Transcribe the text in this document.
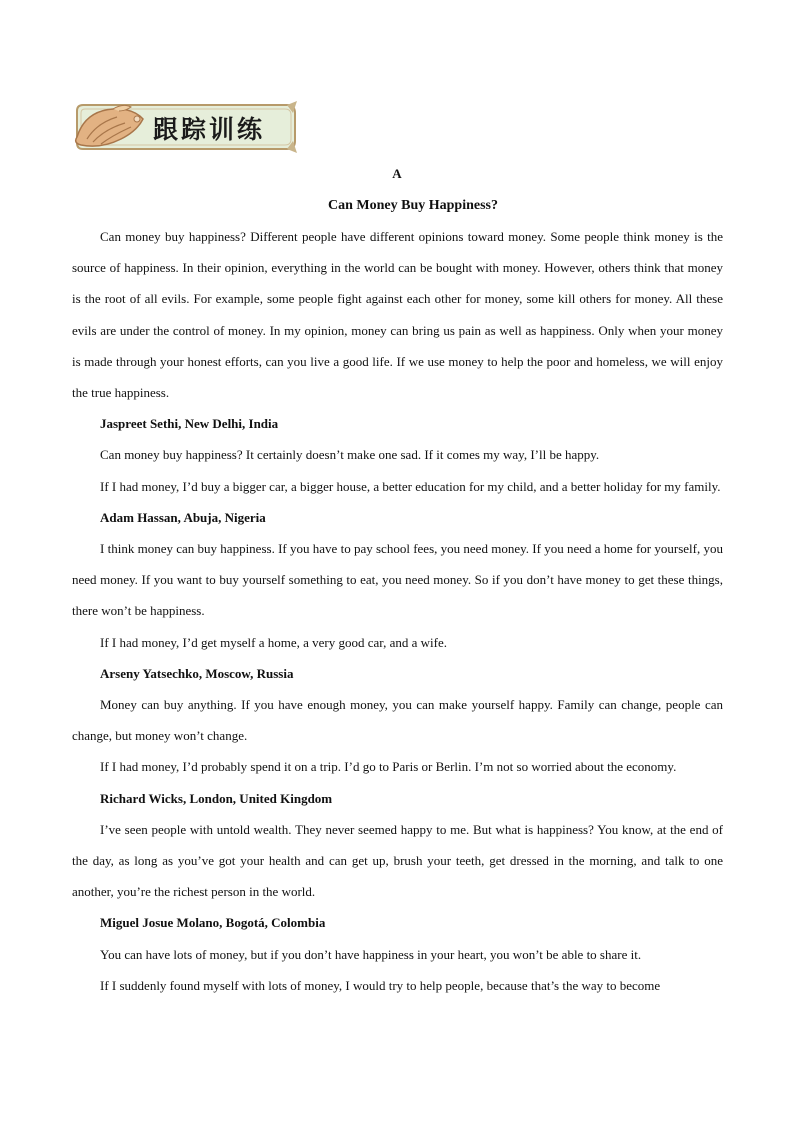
跟踪训练
A
Can Money Buy Happiness?

Can money buy happiness? Different people have different opinions toward money. Some people think money is the source of happiness. In their opinion, everything in the world can be bought with money. However, others think that money is the root of all evils. For example, some people fight against each other for money, some kill others for money. All these evils are under the control of money. In my opinion, money can bring us pain as well as happiness. Only when your money is made through your honest efforts, can you live a good life. If we use money to help the poor and homeless, we will enjoy the true happiness.

Jaspreet Sethi, New Delhi, India

Can money buy happiness? It certainly doesn’t make one sad. If it comes my way, I’ll be happy.

If I had money, I’d buy a bigger car, a bigger house, a better education for my child, and a better holiday for my family.

Adam Hassan, Abuja, Nigeria

I think money can buy happiness. If you have to pay school fees, you need money. If you need a home for yourself, you need money. If you want to buy yourself something to eat, you need money. So if you don’t have money to get these things, there won’t be happiness.

If I had money, I’d get myself a home, a very good car, and a wife.

Arseny Yatsechko, Moscow, Russia

Money can buy anything. If you have enough money, you can make yourself happy. Family can change, people can change, but money won’t change.

If I had money, I’d probably spend it on a trip. I’d go to Paris or Berlin. I’m not so worried about the economy.

Richard Wicks, London, United Kingdom

I’ve seen people with untold wealth. They never seemed happy to me. But what is happiness? You know, at the end of the day, as long as you’ve got your health and can get up, brush your teeth, get dressed in the morning, and talk to one another, you’re the richest person in the world.

Miguel Josue Molano, Bogotá, Colombia

You can have lots of money, but if you don’t have happiness in your heart, you won’t be able to share it.

If I suddenly found myself with lots of money, I would try to help people, because that’s the way to become
